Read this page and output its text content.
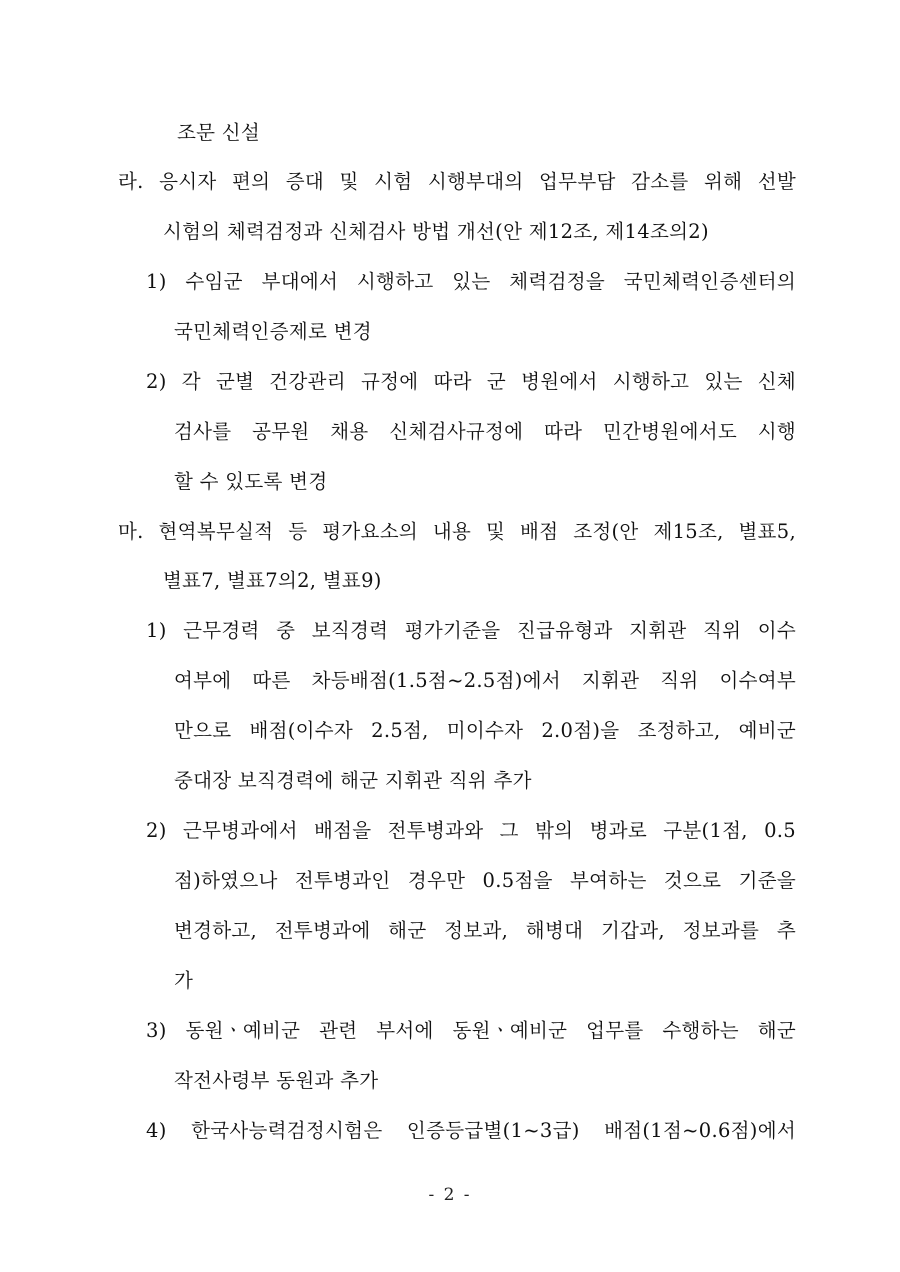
조문 신설
라. 응시자 편의 증대 및 시험 시행부대의 업무부담 감소를 위해 선발
시험의 체력검정과 신체검사 방법 개선(안 제12조, 제14조의2)
1) 수임군 부대에서 시행하고 있는 체력검정을 국민체력인증센터의
국민체력인증제로 변경
2) 각 군별 건강관리 규정에 따라 군 병원에서 시행하고 있는 신체
검사를 공무원 채용 신체검사규정에 따라 민간병원에서도 시행
할 수 있도록 변경
마. 현역복무실적 등 평가요소의 내용 및 배점 조정(안 제15조, 별표5,
별표7, 별표7의2, 별표9)
1) 근무경력 중 보직경력 평가기준을 진급유형과 지휘관 직위 이수
여부에 따른 차등배점(1.5점~2.5점)에서 지휘관 직위 이수여부
만으로 배점(이수자 2.5점, 미이수자 2.0점)을 조정하고, 예비군
중대장 보직경력에 해군 지휘관 직위 추가
2) 근무병과에서 배점을 전투병과와 그 밖의 병과로 구분(1점, 0.5
점)하였으나 전투병과인 경우만 0.5점을 부여하는 것으로 기준을
변경하고, 전투병과에 해군 정보과, 해병대 기갑과, 정보과를 추
가
3) 동원ㆍ예비군 관련 부서에 동원ㆍ예비군 업무를 수행하는 해군
작전사령부 동원과 추가
4) 한국사능력검정시험은 인증등급별(1~3급) 배점(1점~0.6점)에서
- 2 -
